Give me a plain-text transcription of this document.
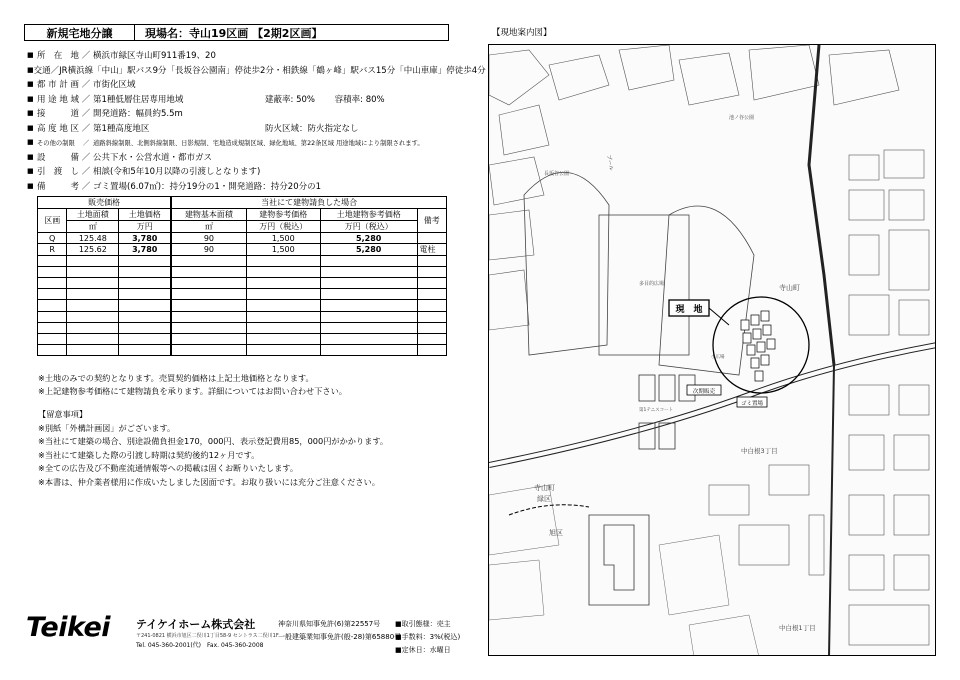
新規宅地分譲	現場名：寺山19区画 【2期2区画】
■ 所 在 地 ／ 横浜市緑区寺山町911番19、20
■ 交 通 ／ JR横浜線「中山」駅バス9分「長坂谷公園南」停徒歩2分・相鉄線「鶴ヶ峰」駅バス15分「中山車庫」停徒歩4分
■ 都 市 計 画 ／ 市街化区域
■ 用 途 地 域 ／ 第1種低層住居専用地域	建蔽率: 50%　　 容積率: 80%
■ 接	道 ／ 開発道路：幅員約5.5m
■ 高 度 地 区 ／ 第1種高度地区	防火区域：防火指定なし
■ その他の制限	／ 道路斜線制限、北側斜線制限、日影規制、宅地造成規制区域、緑化地域、第22条区域 用途地域により制限されます。
■ 設	備 ／ 公共下水・公営水道・都市ガス
■ 引 渡 し ／ 相談(令和5年10月以降の引渡しとなります)
■ 備	考 ／ ゴミ置場(6.07㎡)：持分19分の1・開発道路：持分20分の1
販売価格			当社にて建物請負した場合			
区画	土地面積	土地価格	建物基本面積	建物参考価格	土地建物参考価格	備考
	㎡	万円	㎡	万円（税込）	万円（税込）	
Q	125.48	3,780	90	1,500	5,280	
R	125.62	3,780	90	1,500	5,280	電柱

※土地のみでの契約となります。売買契約価格は上記土地価格となります。
※上記建物参考価格にて建物請負を承ります。詳細についてはお問い合わせ下さい。
【留意事項】
※別紙「外構計画図」がございます。
※当社にて建築の場合、別途設備負担金170，000円、表示登記費用85，000円がかかります。
※当社にて建築した際の引渡し時期は契約後約12ヶ月です。
※全ての広告及び不動産流通情報等への掲載は固くお断りいたします。
※本書は、仲介業者様用に作成いたしました図面です。お取り扱いには充分ご注意ください。
Teikei テイケイホーム株式会社
〒241-0821 横浜市旭区二俣川1丁目58-9 セントラス二俣川1F
Tel. 045-360-2001(代)　Fax. 045-360-2008
神奈川県知事免許(6)第22557号
一般建築業知事免許(般-28)第65880号
■取引態様：売主
■手数料：3%(税込)
■定休日：水曜日
【現地案内図】
現　地
次期販売
ゴミ置場
寺山町
寺山町
緑区
旭区
中白根3丁目
中白根1丁目
プール
長坂谷公園
多目的広場
池ノ谷公園
第1テニスコート
小広場
